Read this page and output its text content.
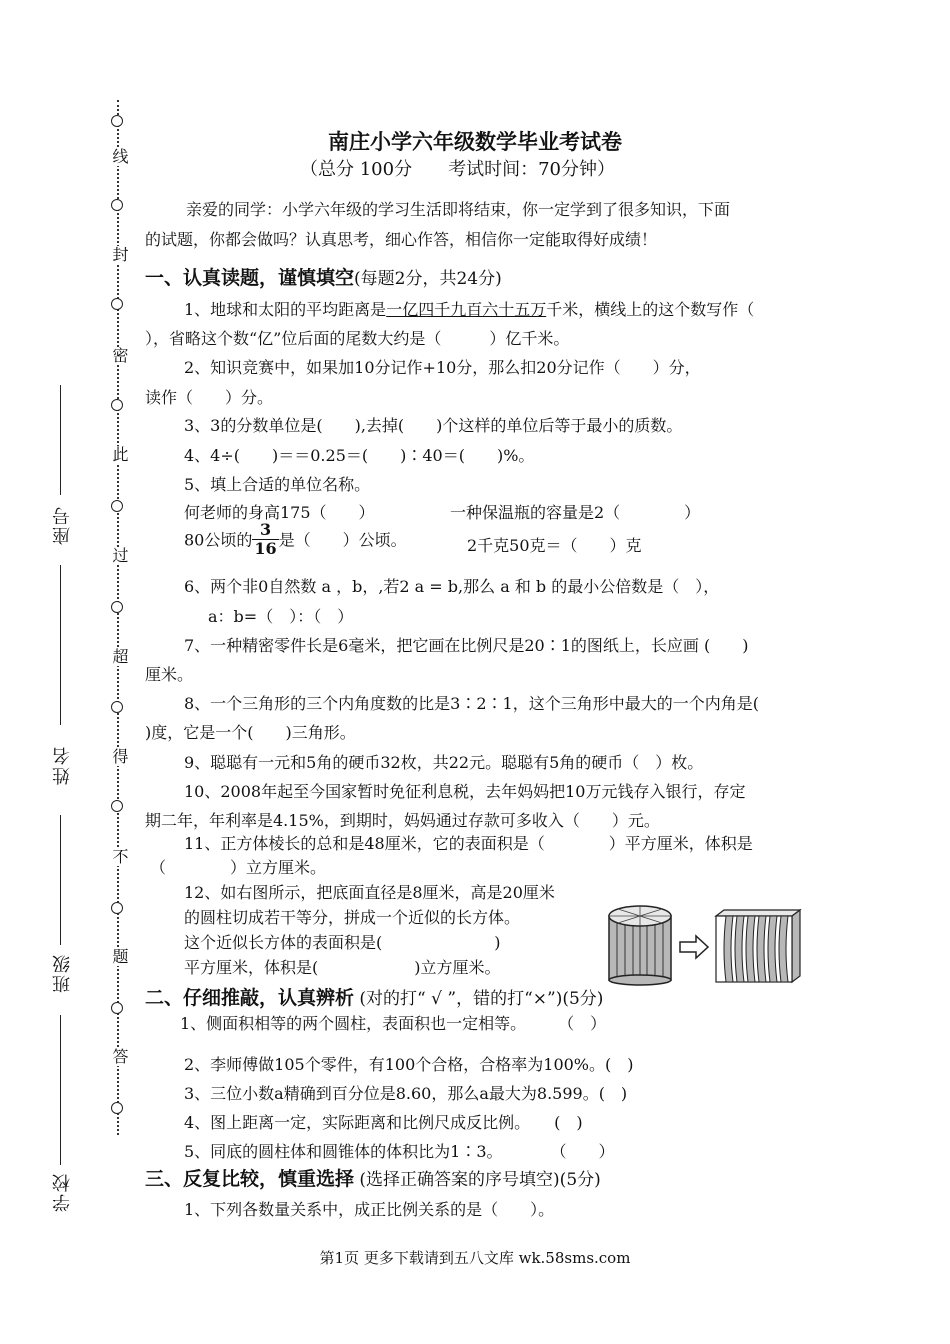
线
封
密
此
过
超
得
不
题
答
座号
姓名
班级
学校
南庄小学六年级数学毕业考试卷
（总分 100分　　考试时间：70分钟）
亲爱的同学：小学六年级的学习生活即将结束，你一定学到了很多知识，下面
的试题，你都会做吗？认真思考，细心作答，相信你一定能取得好成绩！
一、认真读题，谨慎填空(每题2分，共24分)
1、地球和太阳的平均距离是一亿四千九百六十五万千米，横线上的这个数写作（
），省略这个数“亿”位后面的尾数大约是（　　　）亿千米。
2、知识竞赛中，如果加10分记作+10分，那么扣20分记作（　　）分，
读作（　　）分。
3、3的分数单位是(　　),去掉(　　)个这样的单位后等于最小的质数。
4、4÷(　　)＝＝0.25＝(　　)∶40＝(　　)%。
5、填上合适的单位名称。
何老师的身高175（　　）	一种保温瓶的容量是2（　　　　）
80公顷的 $\frac{3}{16}$ 是（　　）公顷。	2千克50克＝（　　）克
6、两个非0自然数 a ，b，,若2 a = b,那么 a 和 b 的最小公倍数是（　），
a：b=（　）：（　）
7、一种精密零件长是6毫米，把它画在比例尺是20∶1的图纸上，长应画 (　　)
厘米。
8、一个三角形的三个内角度数的比是3∶2∶1，这个三角形中最大的一个内角是(
)度，它是一个(　　)三角形。
9、聪聪有一元和5角的硬币32枚，共22元。聪聪有5角的硬币（　）枚。
10、2008年起至今国家暂时免征利息税，去年妈妈把10万元钱存入银行，存定
期二年，年利率是4.15%，到期时，妈妈通过存款可多收入（　　）元。
11、正方体棱长的总和是48厘米，它的表面积是（　　　　）平方厘米，体积是
（　　　　）立方厘米。
12、如右图所示，把底面直径是8厘米，高是20厘米
的圆柱切成若干等分，拼成一个近似的长方体。
这个近似长方体的表面积是(　　　　　　　)
平方厘米，体积是(　　　　　　)立方厘米。
二、仔细推敲，认真辨析 (对的打“ √ ”，错的打“×”)(5分)
1、侧面积相等的两个圆柱，表面积也一定相等。　　　（　）
2、李师傅做105个零件，有100个合格，合格率为100%。(　)
3、三位小数a精确到百分位是8.60，那么a最大为8.599。(　)
4、图上距离一定，实际距离和比例尺成反比例。　　(　)
5、同底的圆柱体和圆锥体的体积比为1∶3。　　　　（　　）
三、反复比较，慎重选择 (选择正确答案的序号填空)(5分)
1、下列各数量关系中，成正比例关系的是（　　）。
第1页 更多下载请到五八文库 wk.58sms.com
